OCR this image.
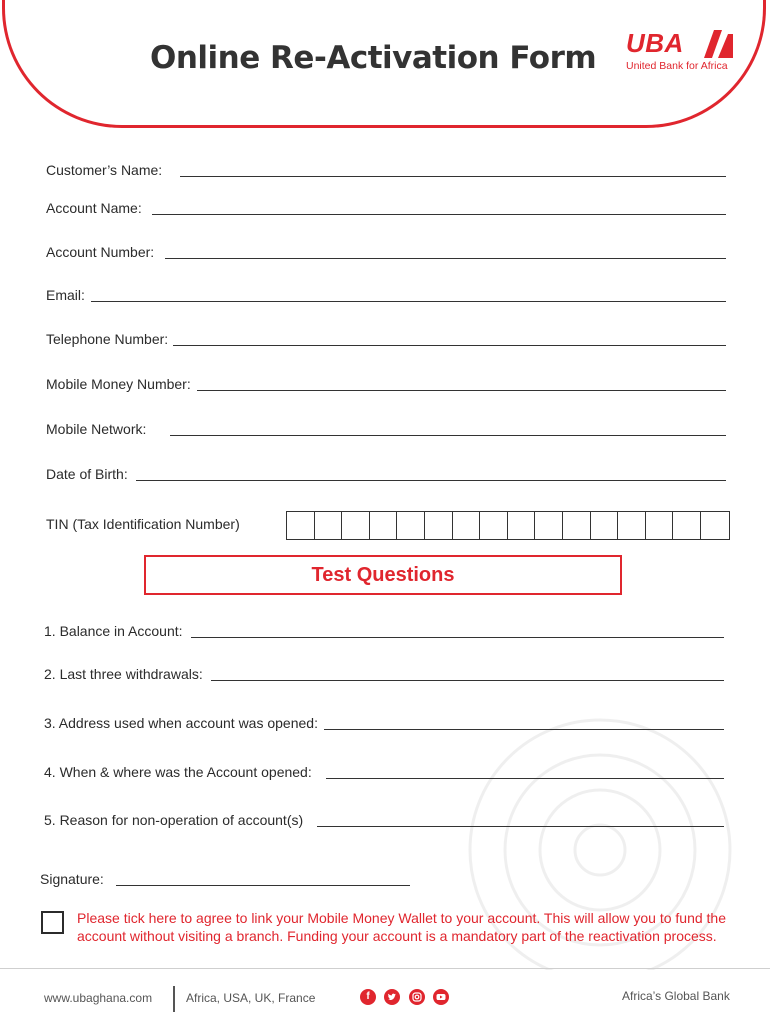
Online Re-Activation Form UBA
United Bank for Africa
Customer’s Name:
Account Name:
Account Number:
Email:
Telephone Number:
Mobile Money Number:
Mobile Network:
Date of Birth:
TIN (Tax Identification Number)
Test Questions
1. Balance in Account:
2. Last three withdrawals:
3. Address used when account was opened:
4. When & where was the Account opened:
5. Reason for non-operation of account(s)
Signature:

Please tick here to agree to link your Mobile Money Wallet to your account. This will allow you to fund the account without visiting a branch. Funding your account is a mandatory part of the reactivation process.

www.ubaghana.com	Africa, USA, UK, France	f	Africa’s Global Bank
